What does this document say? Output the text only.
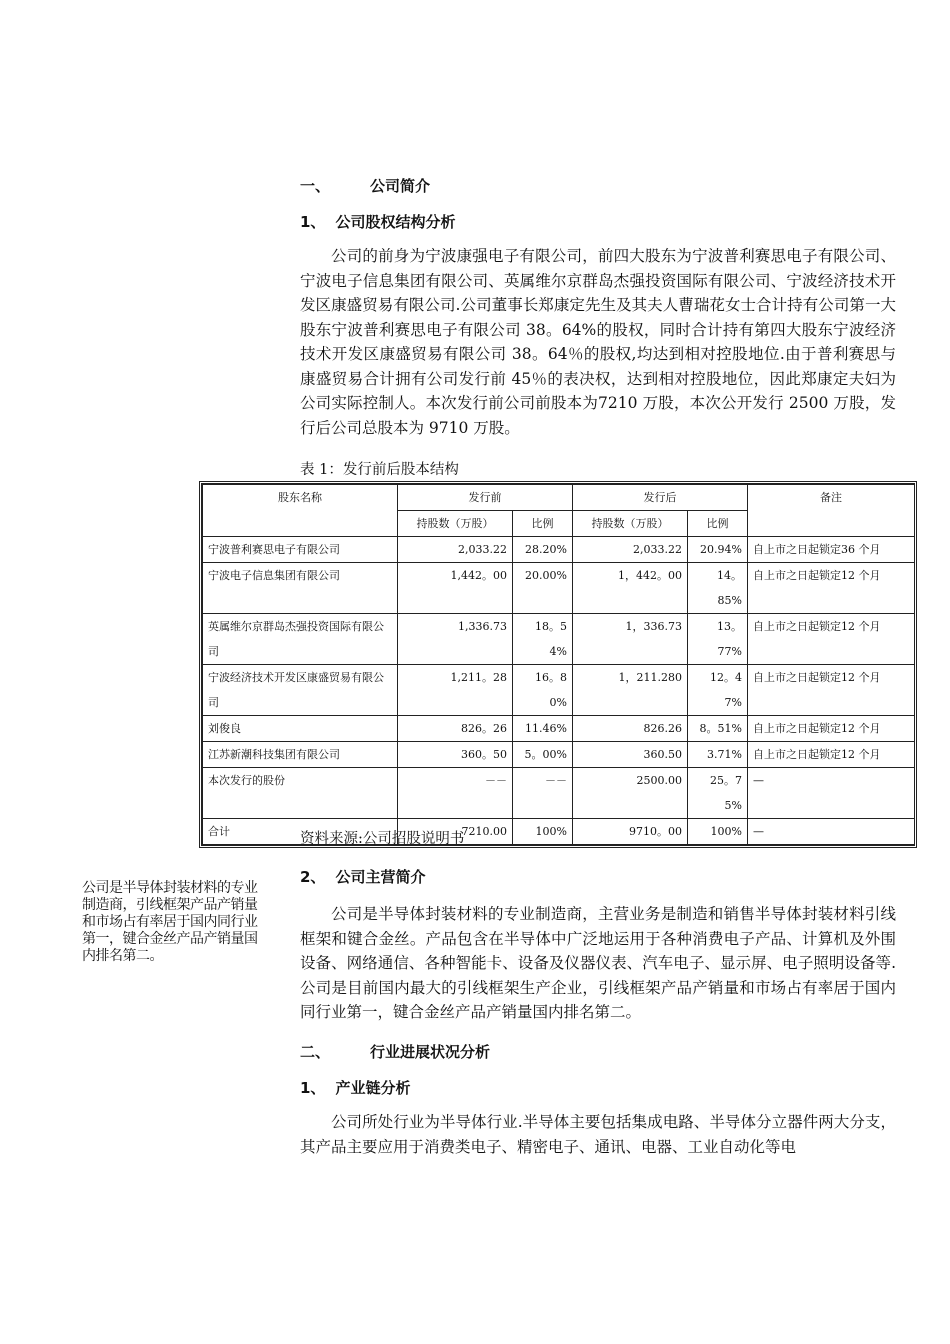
一、	公司简介
1、 公司股权结构分析

公司的前身为宁波康强电子有限公司，前四大股东为宁波普利赛思电子有限公司、宁波电子信息集团有限公司、英属维尔京群岛杰强投资国际有限公司、宁波经济技术开发区康盛贸易有限公司.公司董事长郑康定先生及其夫人曹瑞花女士合计持有公司第一大股东宁波普利赛思电子有限公司 38。64%的股权，同时合计持有第四大股东宁波经济技术开发区康盛贸易有限公司 38。64％的股权,均达到相对控股地位.由于普利赛思与康盛贸易合计拥有公司发行前 45％的表决权，达到相对控股地位，因此郑康定夫妇为公司实际控制人。本次发行前公司前股本为7210 万股，本次公开发行 2500 万股，发行后公司总股本为 9710 万股。

表 1：发行前后股本结构
股东名称	发行前		发行后		备注
	持股数（万股）	比例	持股数（万股）	比例	
宁波普利赛思电子有限公司	2,033.22	28.20%	2,033.22	20.94%	自上市之日起锁定36 个月
宁波电子信息集团有限公司	1,442。00	20.00%	1，442。00	14。85%	自上市之日起锁定12 个月
英属维尔京群岛杰强投资国际有限公司	1,336.73	18。54%	1，336.73	13。77%	自上市之日起锁定12 个月
宁波经济技术开发区康盛贸易有限公司	1,211。28	16。80%	1，211.280	12。47%	自上市之日起锁定12 个月
刘俊良	826。26	11.46%	826.26	8。51%	自上市之日起锁定12 个月
江苏新潮科技集团有限公司	360。50	5。00%	360.50	3.71%	自上市之日起锁定12 个月
本次发行的股份	－－	－－	2500.00	25。75%	—
合计	7210.00	100%	9710。00	100%	—
资料来源:公司招股说明书
2、 公司主营简介
公司是半导体封装材料的专业制造商，引线框架产品产销量和市场占有率居于国内同行业第一，键合金丝产品产销量国内排名第二。

公司是半导体封装材料的专业制造商，主营业务是制造和销售半导体封装材料引线框架和键合金丝。产品包含在半导体中广泛地运用于各种消费电子产品、计算机及外围设备、网络通信、各种智能卡、设备及仪器仪表、汽车电子、显示屏、电子照明设备等.公司是目前国内最大的引线框架生产企业，引线框架产品产销量和市场占有率居于国内同行业第一，键合金丝产品产销量国内排名第二。

二、	行业进展状况分析
1、 产业链分析

公司所处行业为半导体行业.半导体主要包括集成电路、半导体分立器件两大分支，其产品主要应用于消费类电子、精密电子、通讯、电器、工业自动化等电
